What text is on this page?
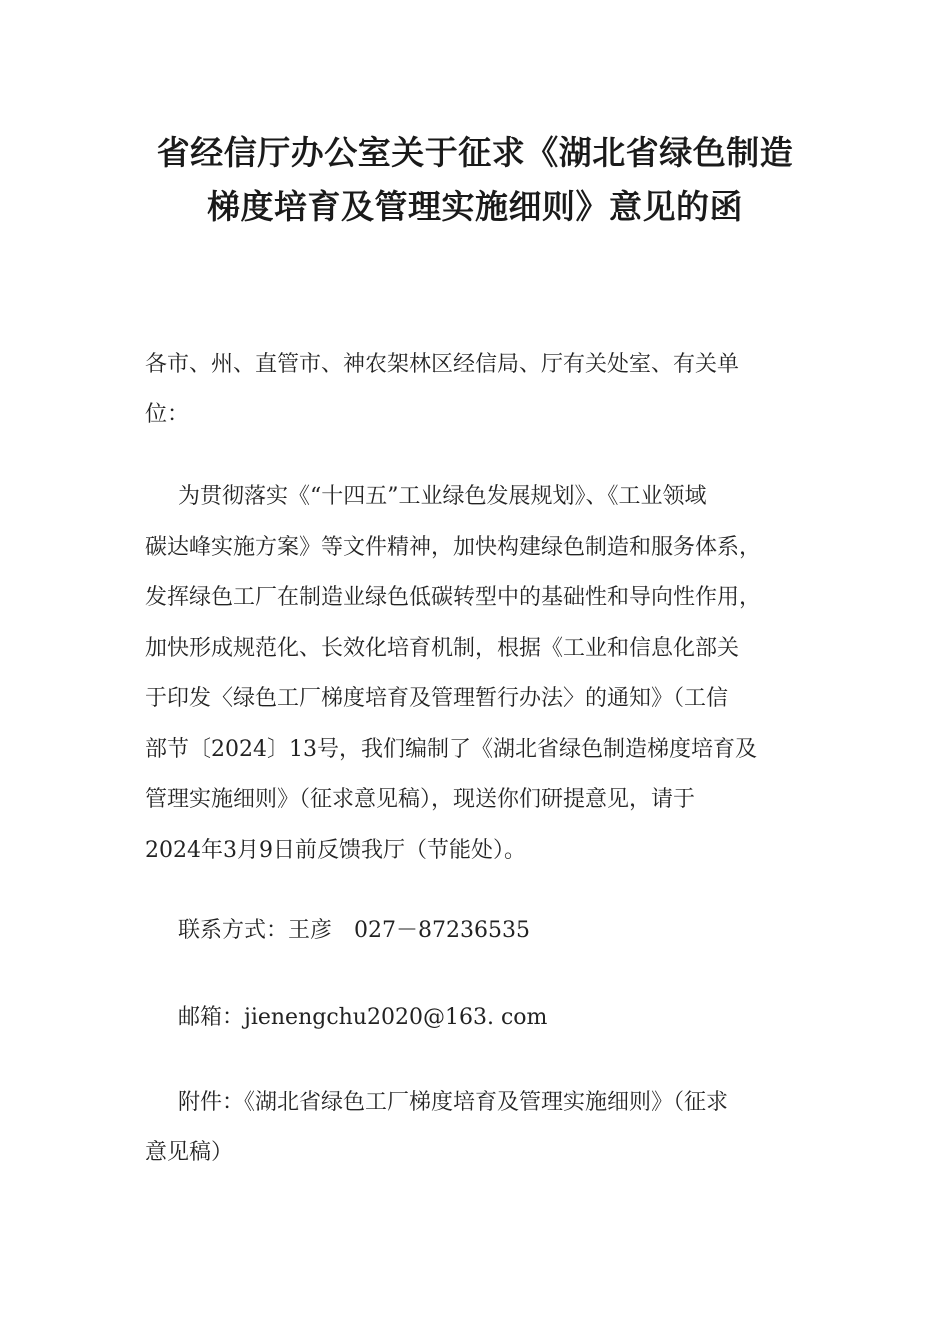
省经信厅办公室关于征求《湖北省绿色制造
梯度培育及管理实施细则》意见的函
各市、州、直管市、神农架林区经信局、厅有关处室、有关单
位：
为贯彻落实《“十四五”工业绿色发展规划》、《工业领域
碳达峰实施方案》等文件精神，加快构建绿色制造和服务体系，
发挥绿色工厂在制造业绿色低碳转型中的基础性和导向性作用，
加快形成规范化、长效化培育机制，根据《工业和信息化部关
于印发〈绿色工厂梯度培育及管理暂行办法〉的通知》（工信
部节〔2024〕13号，我们编制了《湖北省绿色制造梯度培育及
管理实施细则》（征求意见稿），现送你们研提意见，请于
2024年3月9日前反馈我厅（节能处）。
联系方式：王彦　027－87236535
邮箱：jienengchu2020@163. com
附件：《湖北省绿色工厂梯度培育及管理实施细则》（征求
意见稿）
